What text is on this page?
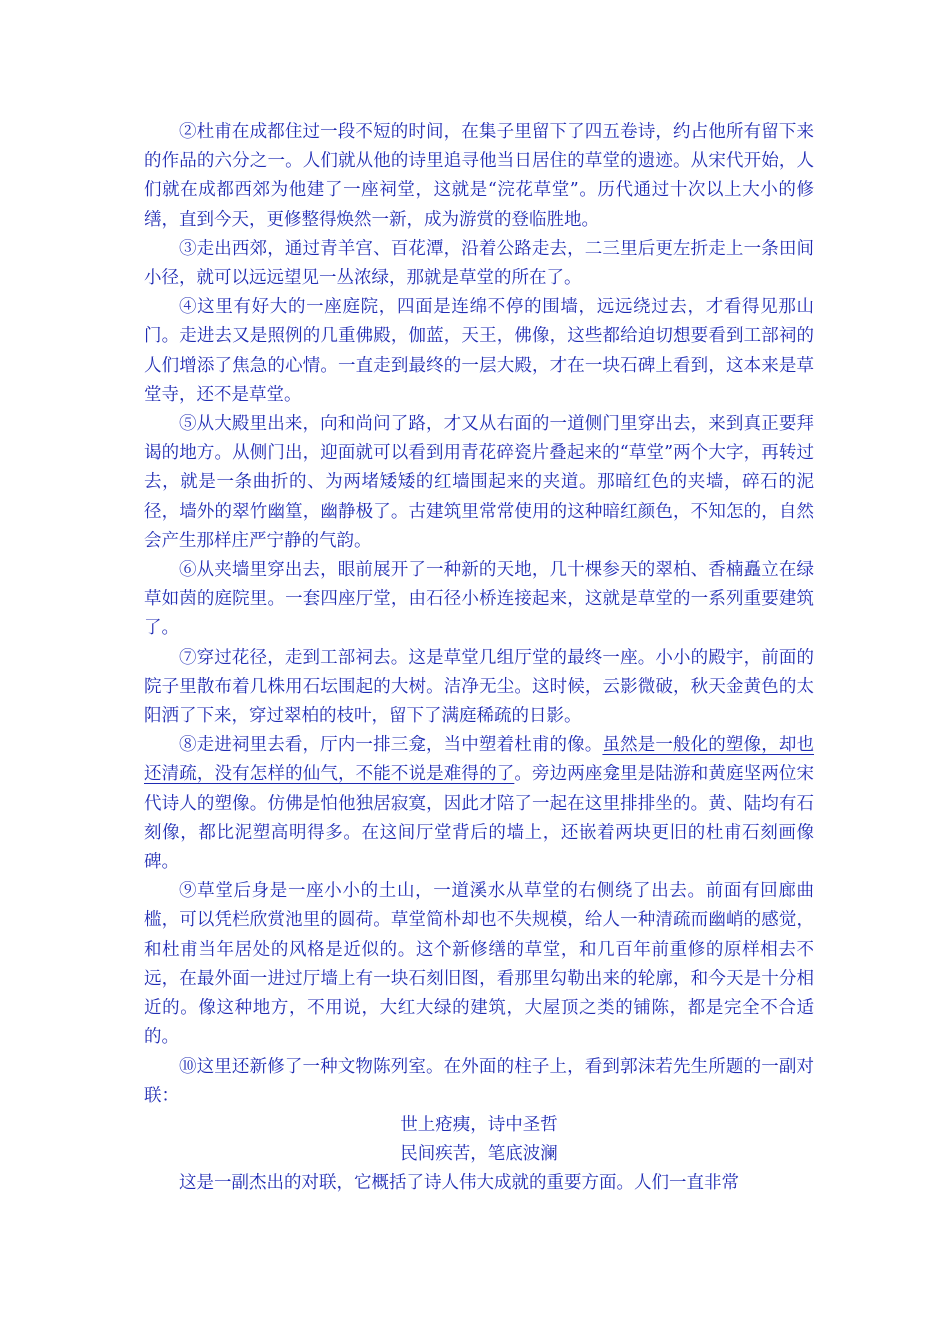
②杜甫在成都住过一段不短的时间，在集子里留下了四五卷诗，约占他所有留下来的作品的六分之一。人们就从他的诗里追寻他当日居住的草堂的遗迹。从宋代开始，人们就在成都西郊为他建了一座祠堂，这就是“浣花草堂”。历代通过十次以上大小的修缮，直到今天，更修整得焕然一新，成为游赏的登临胜地。

③走出西郊，通过青羊宫、百花潭，沿着公路走去，二三里后更左折走上一条田间小径，就可以远远望见一丛浓绿，那就是草堂的所在了。

④这里有好大的一座庭院，四面是连绵不停的围墙，远远绕过去，才看得见那山门。走进去又是照例的几重佛殿，伽蓝，天王，佛像，这些都给迫切想要看到工部祠的人们增添了焦急的心情。一直走到最终的一层大殿，才在一块石碑上看到，这本来是草堂寺，还不是草堂。

⑤从大殿里出来，向和尚问了路，才又从右面的一道侧门里穿出去，来到真正要拜谒的地方。从侧门出，迎面就可以看到用青花碎瓷片叠起来的“草堂”两个大字，再转过去，就是一条曲折的、为两堵矮矮的红墙围起来的夹道。那暗红色的夹墙，碎石的泥径，墙外的翠竹幽篁，幽静极了。古建筑里常常使用的这种暗红颜色，不知怎的，自然会产生那样庄严宁静的气韵。

⑥从夹墙里穿出去，眼前展开了一种新的天地，几十棵参天的翠柏、香楠矗立在绿草如茵的庭院里。一套四座厅堂，由石径小桥连接起来，这就是草堂的一系列重要建筑了。

⑦穿过花径，走到工部祠去。这是草堂几组厅堂的最终一座。小小的殿宇，前面的院子里散布着几株用石坛围起的大树。洁净无尘。这时候，云影微破，秋天金黄色的太阳洒了下来，穿过翠柏的枝叶，留下了满庭稀疏的日影。

⑧走进祠里去看，厅内一排三龛，当中塑着杜甫的像。虽然是一般化的塑像，却也还清疏，没有怎样的仙气，不能不说是难得的了。旁边两座龛里是陆游和黄庭坚两位宋代诗人的塑像。仿佛是怕他独居寂寞，因此才陪了一起在这里排排坐的。黄、陆均有石刻像，都比泥塑高明得多。在这间厅堂背后的墙上，还嵌着两块更旧的杜甫石刻画像碑。

⑨草堂后身是一座小小的土山，一道溪水从草堂的右侧绕了出去。前面有回廊曲槛，可以凭栏欣赏池里的圆荷。草堂简朴却也不失规模，给人一种清疏而幽峭的感觉，和杜甫当年居处的风格是近似的。这个新修缮的草堂，和几百年前重修的原样相去不远，在最外面一进过厅墙上有一块石刻旧图，看那里勾勒出来的轮廓，和今天是十分相近的。像这种地方，不用说，大红大绿的建筑，大屋顶之类的铺陈，都是完全不合适的。

⑩这里还新修了一种文物陈列室。在外面的柱子上，看到郭沫若先生所题的一副对联：

世上疮痍，诗中圣哲
民间疾苦，笔底波澜

这是一副杰出的对联，它概括了诗人伟大成就的重要方面。人们一直非常
